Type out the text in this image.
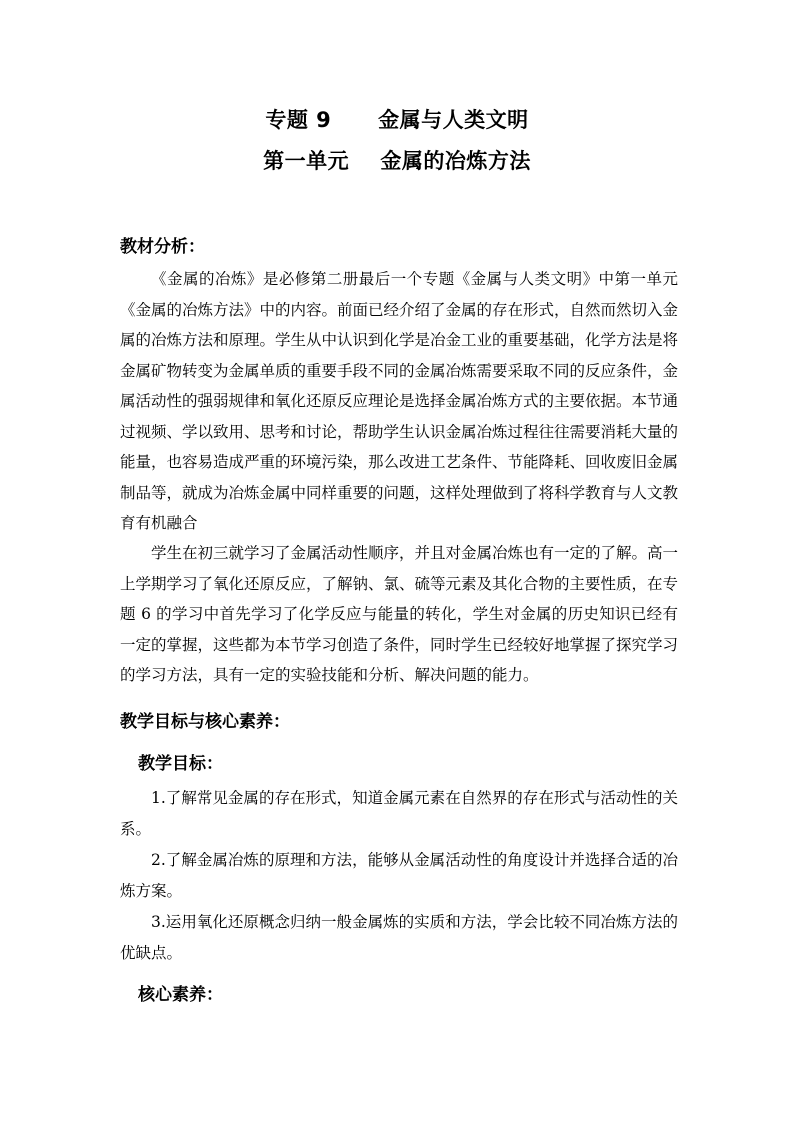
专题 9      金属与人类文明
第一单元    金属的冶炼方法
教材分析：
《金属的冶炼》是必修第二册最后一个专题《金属与人类文明》中第一单元《金属的冶炼方法》中的内容。前面已经介绍了金属的存在形式，自然而然切入金属的冶炼方法和原理。学生从中认识到化学是冶金工业的重要基础，化学方法是将金属矿物转变为金属单质的重要手段不同的金属冶炼需要采取不同的反应条件，金属活动性的强弱规律和氧化还原反应理论是选择金属冶炼方式的主要依据。本节通过视频、学以致用、思考和讨论，帮助学生认识金属冶炼过程往往需要消耗大量的能量，也容易造成严重的环境污染，那么改进工艺条件、节能降耗、回收废旧金属制品等，就成为冶炼金属中同样重要的问题，这样处理做到了将科学教育与人文教育有机融合
学生在初三就学习了金属活动性顺序，并且对金属冶炼也有一定的了解。高一上学期学习了氧化还原反应，了解钠、氯、硫等元素及其化合物的主要性质，在专题 6 的学习中首先学习了化学反应与能量的转化，学生对金属的历史知识已经有一定的掌握，这些都为本节学习创造了条件，同时学生已经较好地掌握了探究学习的学习方法，具有一定的实验技能和分析、解决问题的能力。
教学目标与核心素养：
教学目标：
1.了解常见金属的存在形式，知道金属元素在自然界的存在形式与活动性的关系。
2.了解金属冶炼的原理和方法，能够从金属活动性的角度设计并选择合适的冶炼方案。
3.运用氧化还原概念归纳一般金属炼的实质和方法，学会比较不同冶炼方法的优缺点。
核心素养：
